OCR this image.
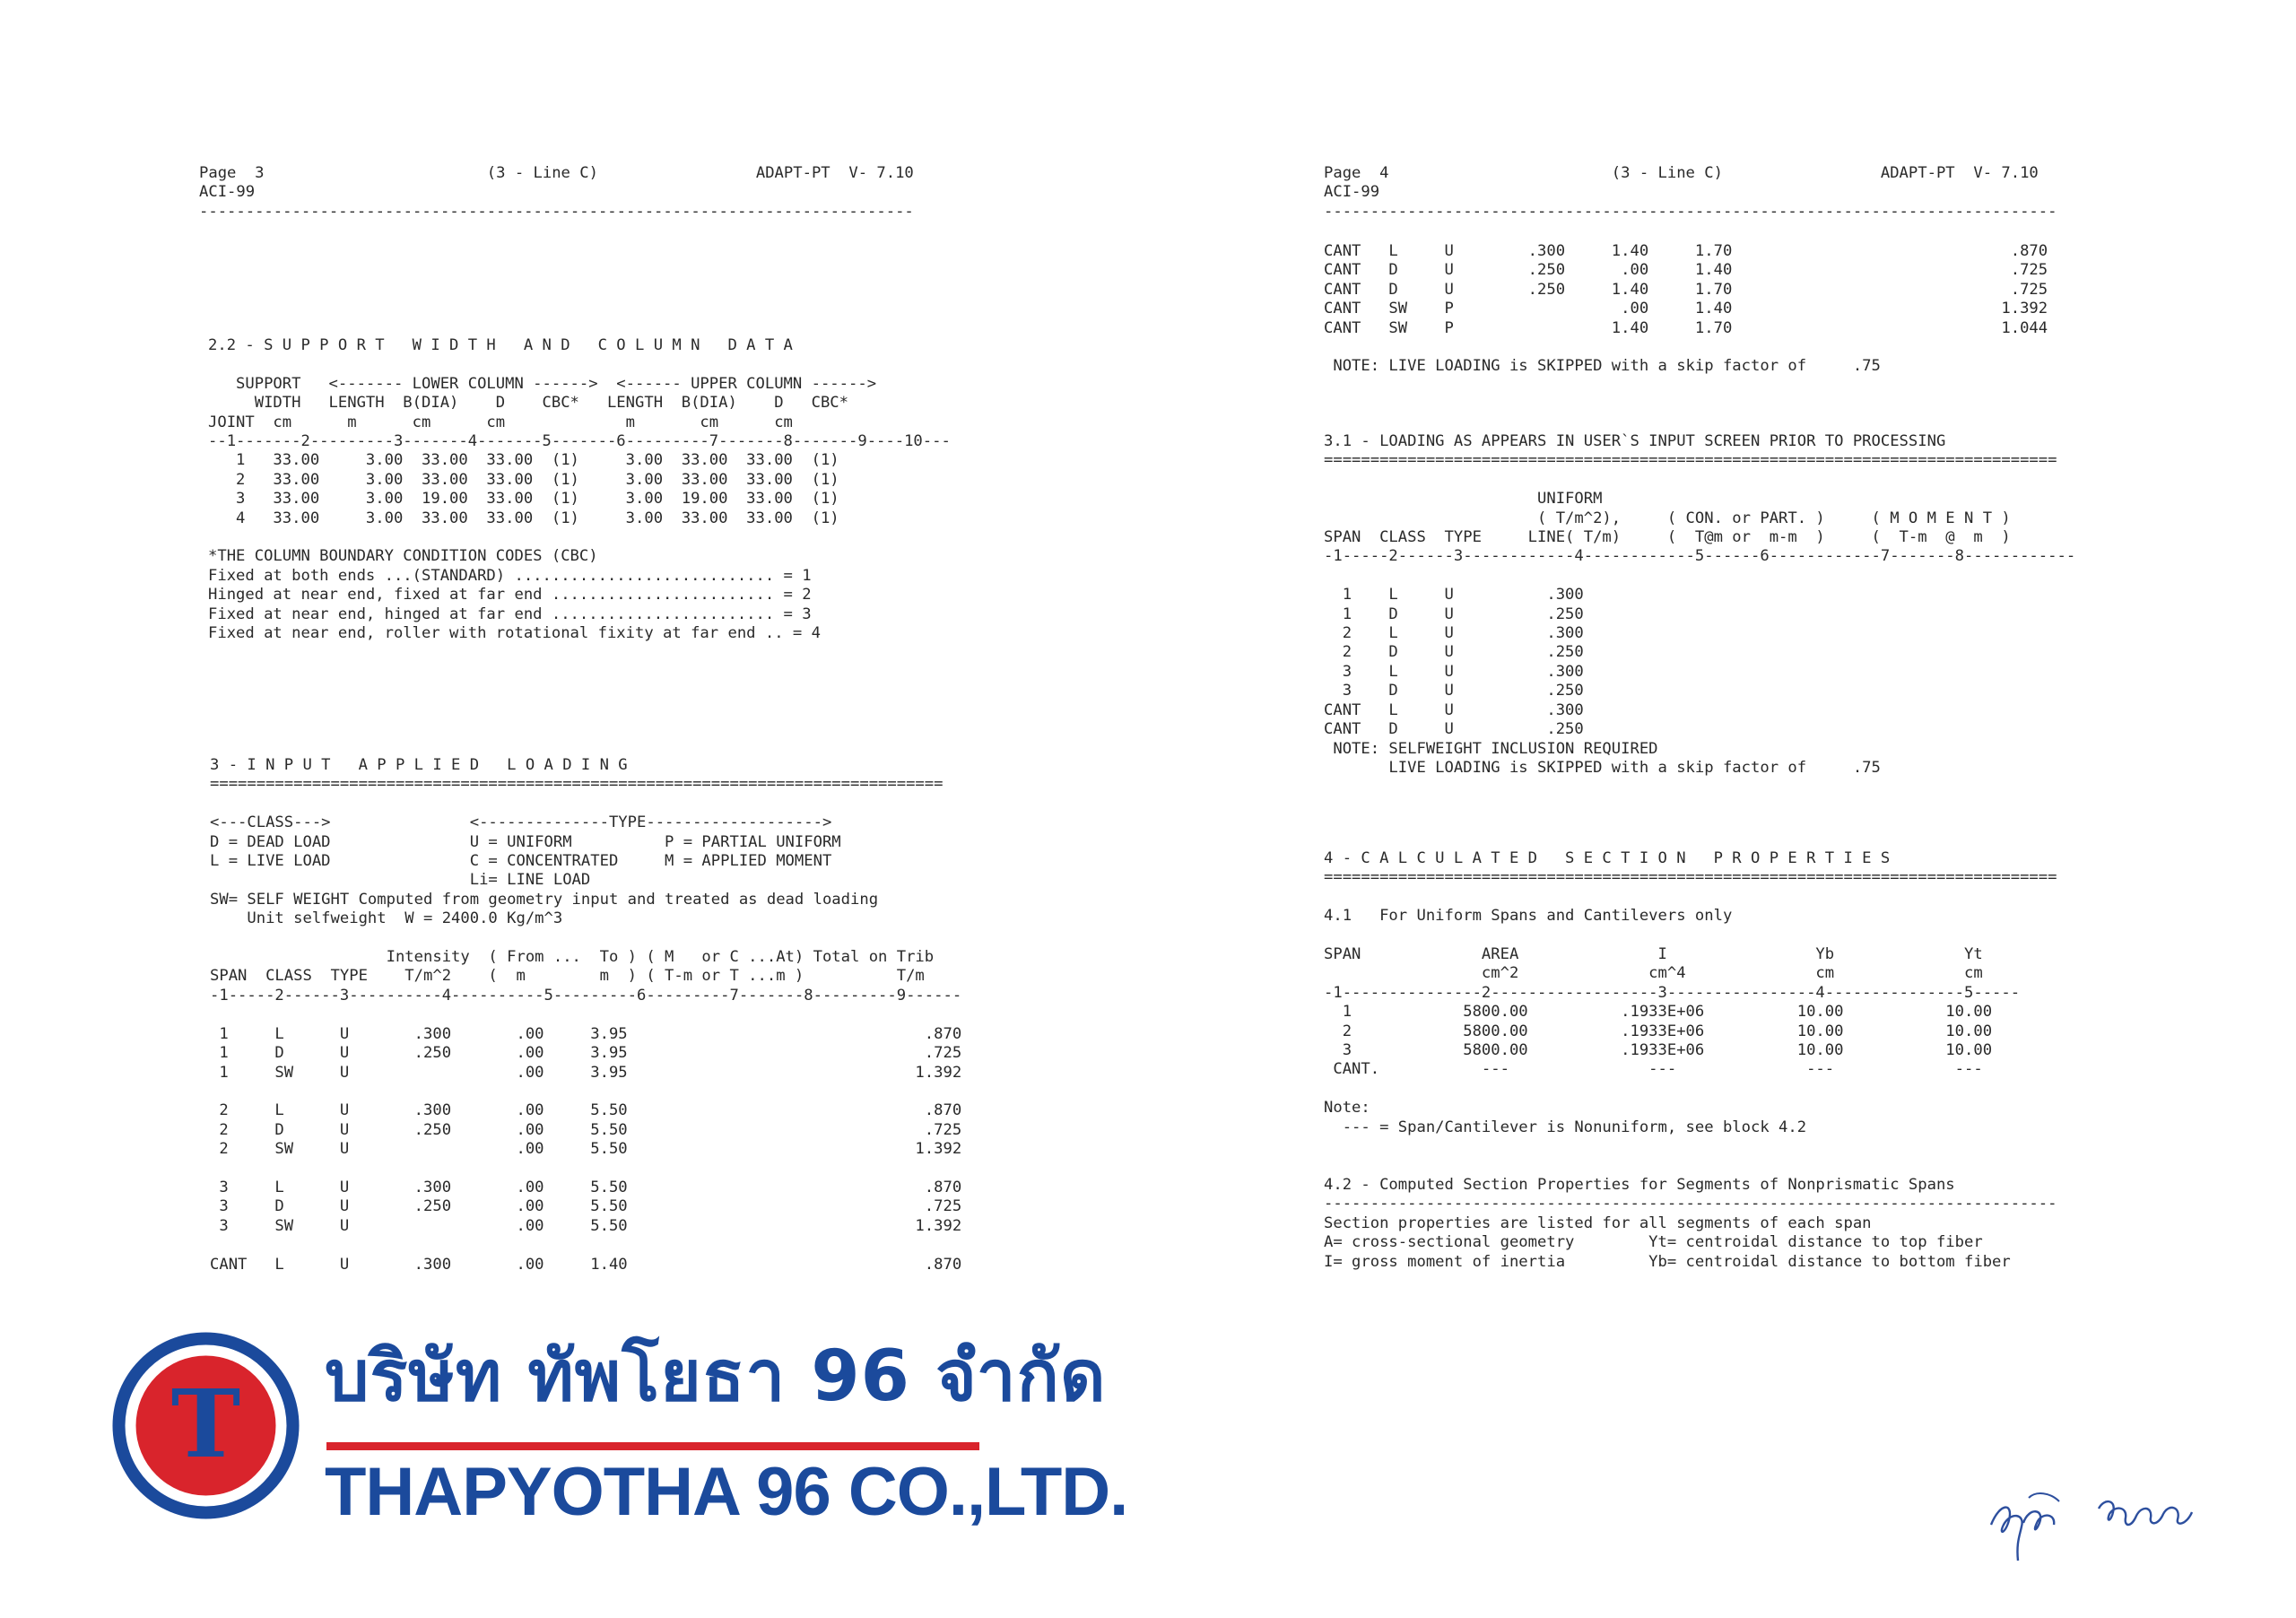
Page  3                        (3 - Line C)                 ADAPT-PT  V- 7.10
ACI-99
-----------------------------------------------------------------------------
2.2 - S U P P O R T   W I D T H   A N D   C O L U M N   D A T A

SUPPORT   <------- LOWER COLUMN ------>  <------ UPPER COLUMN ------>
WIDTH   LENGTH  B(DIA)    D    CBC*   LENGTH  B(DIA)    D   CBC*
JOINT  cm      m      cm      cm             m       cm      cm
--1-------2---------3-------4-------5-------6---------7-------8-------9----10---
1   33.00     3.00  33.00  33.00  (1)     3.00  33.00  33.00  (1)
2   33.00     3.00  33.00  33.00  (1)     3.00  33.00  33.00  (1)
3   33.00     3.00  19.00  33.00  (1)     3.00  19.00  33.00  (1)
4   33.00     3.00  33.00  33.00  (1)     3.00  33.00  33.00  (1)

*THE COLUMN BOUNDARY CONDITION CODES (CBC)
Fixed at both ends ...(STANDARD) ............................ = 1
Hinged at near end, fixed at far end ........................ = 2
Fixed at near end, hinged at far end ........................ = 3
Fixed at near end, roller with rotational fixity at far end .. = 4
3 - I N P U T   A P P L I E D   L O A D I N G
===============================================================================

<---CLASS--->               <--------------TYPE------------------->
D = DEAD LOAD               U = UNIFORM          P = PARTIAL UNIFORM
L = LIVE LOAD               C = CONCENTRATED     M = APPLIED MOMENT
Li= LINE LOAD
SW= SELF WEIGHT Computed from geometry input and treated as dead loading
Unit selfweight  W = 2400.0 Kg/m^3

Intensity  ( From ...  To ) ( M   or C ...At) Total on Trib
SPAN  CLASS  TYPE    T/m^2    (  m        m  ) ( T-m or T ...m )          T/m
-1-----2------3----------4----------5---------6---------7-------8---------9------

1     L      U       .300       .00     3.95                                .870
1     D      U       .250       .00     3.95                                .725
1     SW     U                  .00     3.95                               1.392

2     L      U       .300       .00     5.50                                .870
2     D      U       .250       .00     5.50                                .725
2     SW     U                  .00     5.50                               1.392

3     L      U       .300       .00     5.50                                .870
3     D      U       .250       .00     5.50                                .725
3     SW     U                  .00     5.50                               1.392

CANT   L      U       .300       .00     1.40                                .870
Page  4                        (3 - Line C)                 ADAPT-PT  V- 7.10
ACI-99
-------------------------------------------------------------------------------
CANT   L     U        .300     1.40     1.70                              .870
CANT   D     U        .250      .00     1.40                              .725
CANT   D     U        .250     1.40     1.70                              .725
CANT   SW    P                  .00     1.40                             1.392
CANT   SW    P                 1.40     1.70                             1.044

NOTE: LIVE LOADING is SKIPPED with a skip factor of     .75
3.1 - LOADING AS APPEARS IN USER`S INPUT SCREEN PRIOR TO PROCESSING
===============================================================================

UNIFORM
( T/m^2),     ( CON. or PART. )     ( M O M E N T )
SPAN  CLASS  TYPE     LINE( T/m)     (  T@m or  m-m  )     (  T-m  @  m  )
-1-----2------3------------4------------5------6------------7-------8------------

1    L     U          .300
1    D     U          .250
2    L     U          .300
2    D     U          .250
3    L     U          .300
3    D     U          .250
CANT   L     U          .300
CANT   D     U          .250
NOTE: SELFWEIGHT INCLUSION REQUIRED
LIVE LOADING is SKIPPED with a skip factor of     .75
4 - C A L C U L A T E D   S E C T I O N   P R O P E R T I E S
===============================================================================

4.1   For Uniform Spans and Cantilevers only

SPAN             AREA               I                Yb              Yt
cm^2              cm^4              cm              cm
-1---------------2------------------3----------------4---------------5-----
1            5800.00          .1933E+06          10.00           10.00
2            5800.00          .1933E+06          10.00           10.00
3            5800.00          .1933E+06          10.00           10.00
CANT.           ---               ---              ---             ---

Note:
--- = Span/Cantilever is Nonuniform, see block 4.2

4.2 - Computed Section Properties for Segments of Nonprismatic Spans
-------------------------------------------------------------------------------
Section properties are listed for all segments of each span
A= cross-sectional geometry        Yt= centroidal distance to top fiber
I= gross moment of inertia         Yb= centroidal distance to bottom fiber
T บริษัท ทัพโยธา 96 จำกัด
THAPYOTHA 96 CO.,LTD.
